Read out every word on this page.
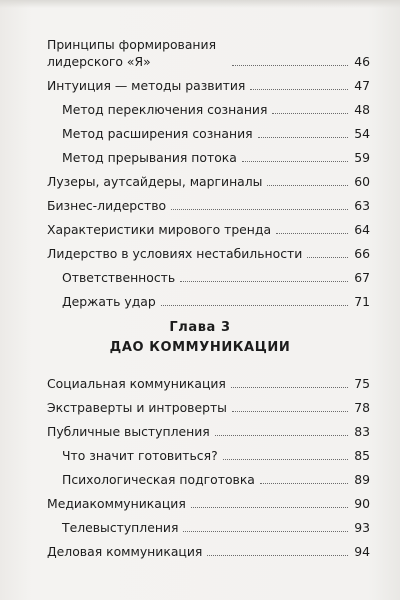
Принципы формирования лидерского «Я»	46
Интуиция — методы развития	47
Метод переключения сознания	48
Метод расширения сознания	54
Метод прерывания потока	59
Лузеры, аутсайдеры, маргиналы	60
Бизнес-лидерство	63
Характеристики мирового тренда	64
Лидерство в условиях нестабильности	66
Ответственность	67
Держать удар	71
Глава 3
ДАО КОММУНИКАЦИИ
Социальная коммуникация	75
Экстраверты и интроверты	78
Публичные выступления	83
Что значит готовиться?	85
Психологическая подготовка	89
Медиакоммуникация	90
Телевыступления	93
Деловая коммуникация	94
